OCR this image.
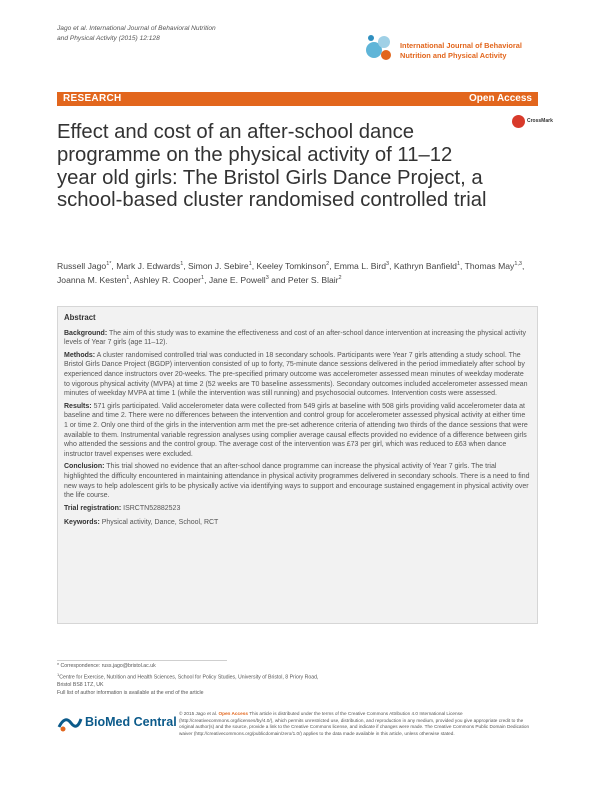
Jago et al. International Journal of Behavioral Nutrition
and Physical Activity (2015) 12:128
International Journal of Behavioral
Nutrition and Physical Activity
RESEARCH	Open Access
CrossMark
Effect and cost of an after-school dance programme on the physical activity of 11–12 year old girls: The Bristol Girls Dance Project, a school-based cluster randomised controlled trial
Russell Jago$^{1*}$, Mark J. Edwards$^1$, Simon J. Sebire$^1$, Keeley Tomkinson$^2$, Emma L. Bird$^3$, Kathryn Banfield$^1$, Thomas May$^{1,3}$, Joanna M. Kesten$^1$, Ashley R. Cooper$^1$, Jane E. Powell$^3$ and Peter S. Blair$^2$
Abstract

Background: The aim of this study was to examine the effectiveness and cost of an after-school dance intervention at increasing the physical activity levels of Year 7 girls (age 11–12).

Methods: A cluster randomised controlled trial was conducted in 18 secondary schools. Participants were Year 7 girls attending a study school. The Bristol Girls Dance Project (BGDP) intervention consisted of up to forty, 75-minute dance sessions delivered in the period immediately after school by experienced dance instructors over 20-weeks. The pre-specified primary outcome was accelerometer assessed mean minutes of weekday moderate to vigorous physical activity (MVPA) at time 2 (52 weeks are T0 baseline assessments). Secondary outcomes included accelerometer assessed mean minutes of weekday MVPA at time 1 (while the intervention was still running) and psychosocial outcomes. Intervention costs were assessed.

Results: 571 girls participated. Valid accelerometer data were collected from 549 girls at baseline with 508 girls providing valid accelerometer data at baseline and time 2. There were no differences between the intervention and control group for accelerometer assessed physical activity at either time 1 or time 2. Only one third of the girls in the intervention arm met the pre-set adherence criteria of attending two thirds of the dance sessions that were available to them. Instrumental variable regression analyses using complier average causal effects provided no evidence of a difference between girls who attended the sessions and the control group. The average cost of the intervention was £73 per girl, which was reduced to £63 when dance instructor travel expenses were excluded.

Conclusion: This trial showed no evidence that an after-school dance programme can increase the physical activity of Year 7 girls. The trial highlighted the difficulty encountered in maintaining attendance in physical activity programmes delivered in secondary schools. There is a need to find new ways to help adolescent girls to be physically active via identifying ways to support and encourage sustained engagement in physical activity over the life course.

Trial registration: ISRCTN52882523

Keywords: Physical activity, Dance, School, RCT

* Correspondence: russ.jago@bristol.ac.uk
$^1$Centre for Exercise, Nutrition and Health Sciences, School for Policy Studies, University of Bristol, 8 Priory Road, Bristol BS8 1TZ, UK
Full list of author information is available at the end of the article
BioMed Central
© 2015 Jago et al. Open Access This article is distributed under the terms of the Creative Commons Attribution 4.0 International License (http://creativecommons.org/licenses/by/4.0/), which permits unrestricted use, distribution, and reproduction in any medium, provided you give appropriate credit to the original author(s) and the source, provide a link to the Creative Commons license, and indicate if changes were made. The Creative Commons Public Domain Dedication waiver (http://creativecommons.org/publicdomain/zero/1.0/) applies to the data made available in this article, unless otherwise stated.
